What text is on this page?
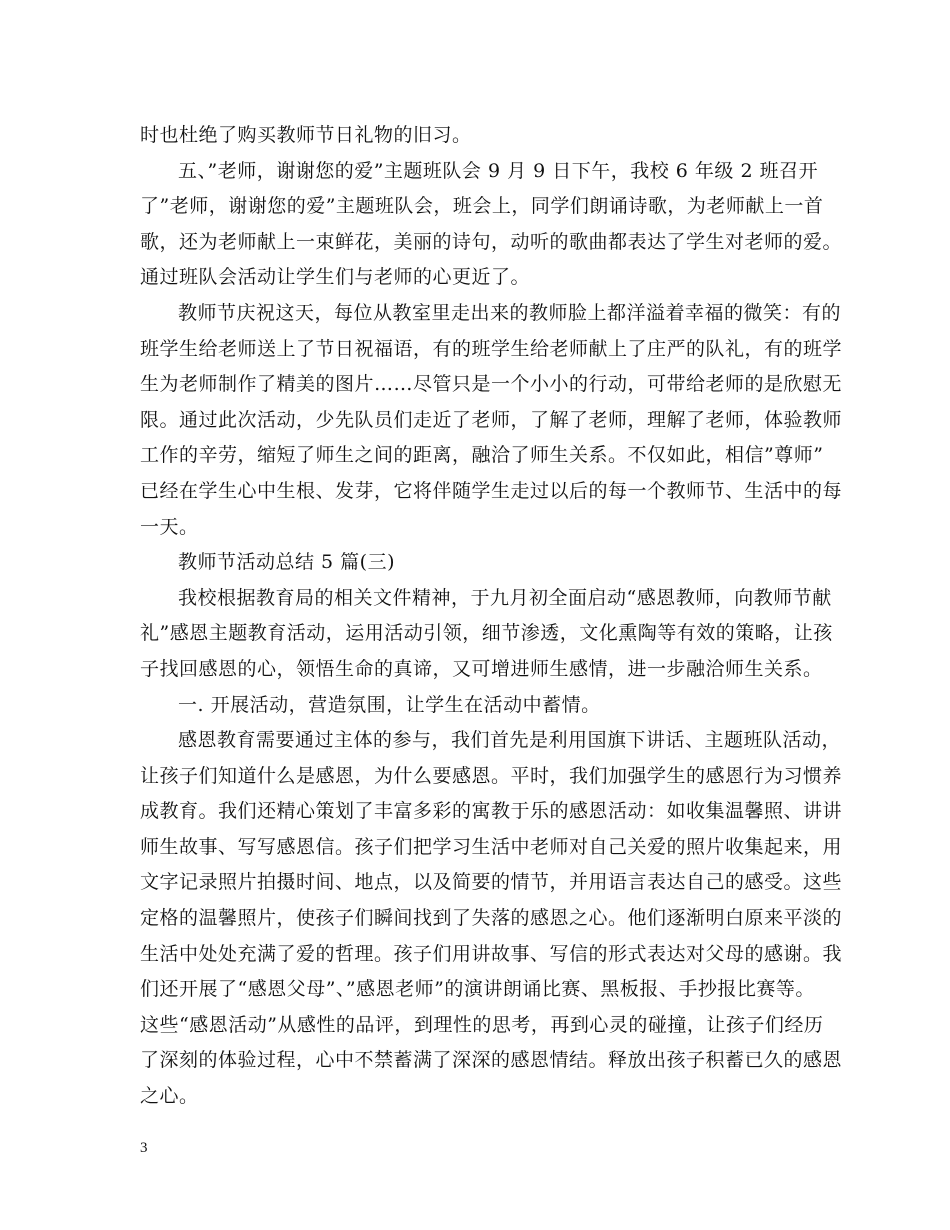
时也杜绝了购买教师节日礼物的旧习。
五、”老师，谢谢您的爱”主题班队会 9 月 9 日下午，我校 6 年级 2 班召开
了”老师，谢谢您的爱”主题班队会，班会上，同学们朗诵诗歌，为老师献上一首
歌，还为老师献上一束鲜花，美丽的诗句，动听的歌曲都表达了学生对老师的爱。
通过班队会活动让学生们与老师的心更近了。
教师节庆祝这天，每位从教室里走出来的教师脸上都洋溢着幸福的微笑：有的
班学生给老师送上了节日祝福语，有的班学生给老师献上了庄严的队礼，有的班学
生为老师制作了精美的图片……尽管只是一个小小的行动，可带给老师的是欣慰无
限。通过此次活动，少先队员们走近了老师，了解了老师，理解了老师，体验教师
工作的辛劳，缩短了师生之间的距离，融洽了师生关系。不仅如此，相信”尊师”
已经在学生心中生根、发芽，它将伴随学生走过以后的每一个教师节、生活中的每
一天。
教师节活动总结 5 篇(三)
我校根据教育局的相关文件精神，于九月初全面启动“感恩教师，向教师节献
礼”感恩主题教育活动，运用活动引领，细节渗透，文化熏陶等有效的策略，让孩
子找回感恩的心，领悟生命的真谛，又可增进师生感情，进一步融洽师生关系。
一. 开展活动，营造氛围，让学生在活动中蓄情。
感恩教育需要通过主体的参与，我们首先是利用国旗下讲话、主题班队活动，
让孩子们知道什么是感恩，为什么要感恩。平时，我们加强学生的感恩行为习惯养
成教育。我们还精心策划了丰富多彩的寓教于乐的感恩活动：如收集温馨照、讲讲
师生故事、写写感恩信。孩子们把学习生活中老师对自己关爱的照片收集起来，用
文字记录照片拍摄时间、地点，以及简要的情节，并用语言表达自己的感受。这些
定格的温馨照片，使孩子们瞬间找到了失落的感恩之心。他们逐渐明白原来平淡的
生活中处处充满了爱的哲理。孩子们用讲故事、写信的形式表达对父母的感谢。我
们还开展了“感恩父母”、”感恩老师”的演讲朗诵比赛、黑板报、手抄报比赛等。
这些“感恩活动”从感性的品评，到理性的思考，再到心灵的碰撞，让孩子们经历
了深刻的体验过程，心中不禁蓄满了深深的感恩情结。释放出孩子积蓄已久的感恩
之心。
3
